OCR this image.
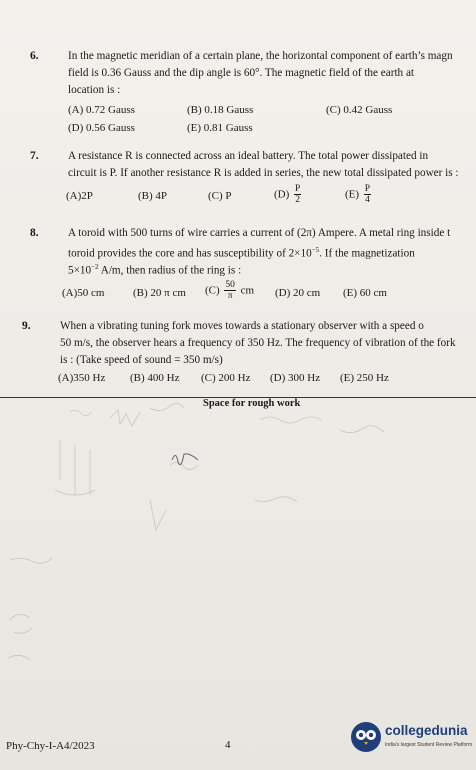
6.	In the magnetic meridian of a certain plane, the horizontal component of earth’s magn
field is 0.36 Gauss and the dip angle is 60°. The magnetic field of the earth at
location is :
(A) 0.72 Gauss	(B) 0.18 Gauss	(C) 0.42 Gauss
(D) 0.56 Gauss	(E) 0.81 Gauss
7.	A resistance R is connected across an ideal battery. The total power dissipated in
circuit is P. If another resistance R is added in series, the new total dissipated power is :
(A)2P	(B) 4P	(C) P	$(D) \frac{P}{2}$	$(E) \frac{P}{4}$
8.	A toroid with 500 turns of wire carries a current of (2π) Ampere. A metal ring inside t
toroid provides the core and has susceptibility of $2\times 10^{-5}$. If the magnetization
$5\times 10^{-2}$ A/m, then radius of the ring is :
(A)50 cm	(B) 20 π cm $(C) \frac{50}{\pi}$ cm (D) 20 cm (E) 60 cm
9.	When a vibrating tuning fork moves towards a stationary observer with a speed o
50 m/s, the observer hears a frequency of 350 Hz. The frequency of vibration of the fork
is : (Take speed of sound = 350 m/s)
(A)350 Hz (B) 400 Hz (C) 200 Hz (D) 300 Hz (E) 250 Hz
Space for rough work
Phy-Chy-I-A4/2023	4
collegedunia
India's largest Student Review Platform
